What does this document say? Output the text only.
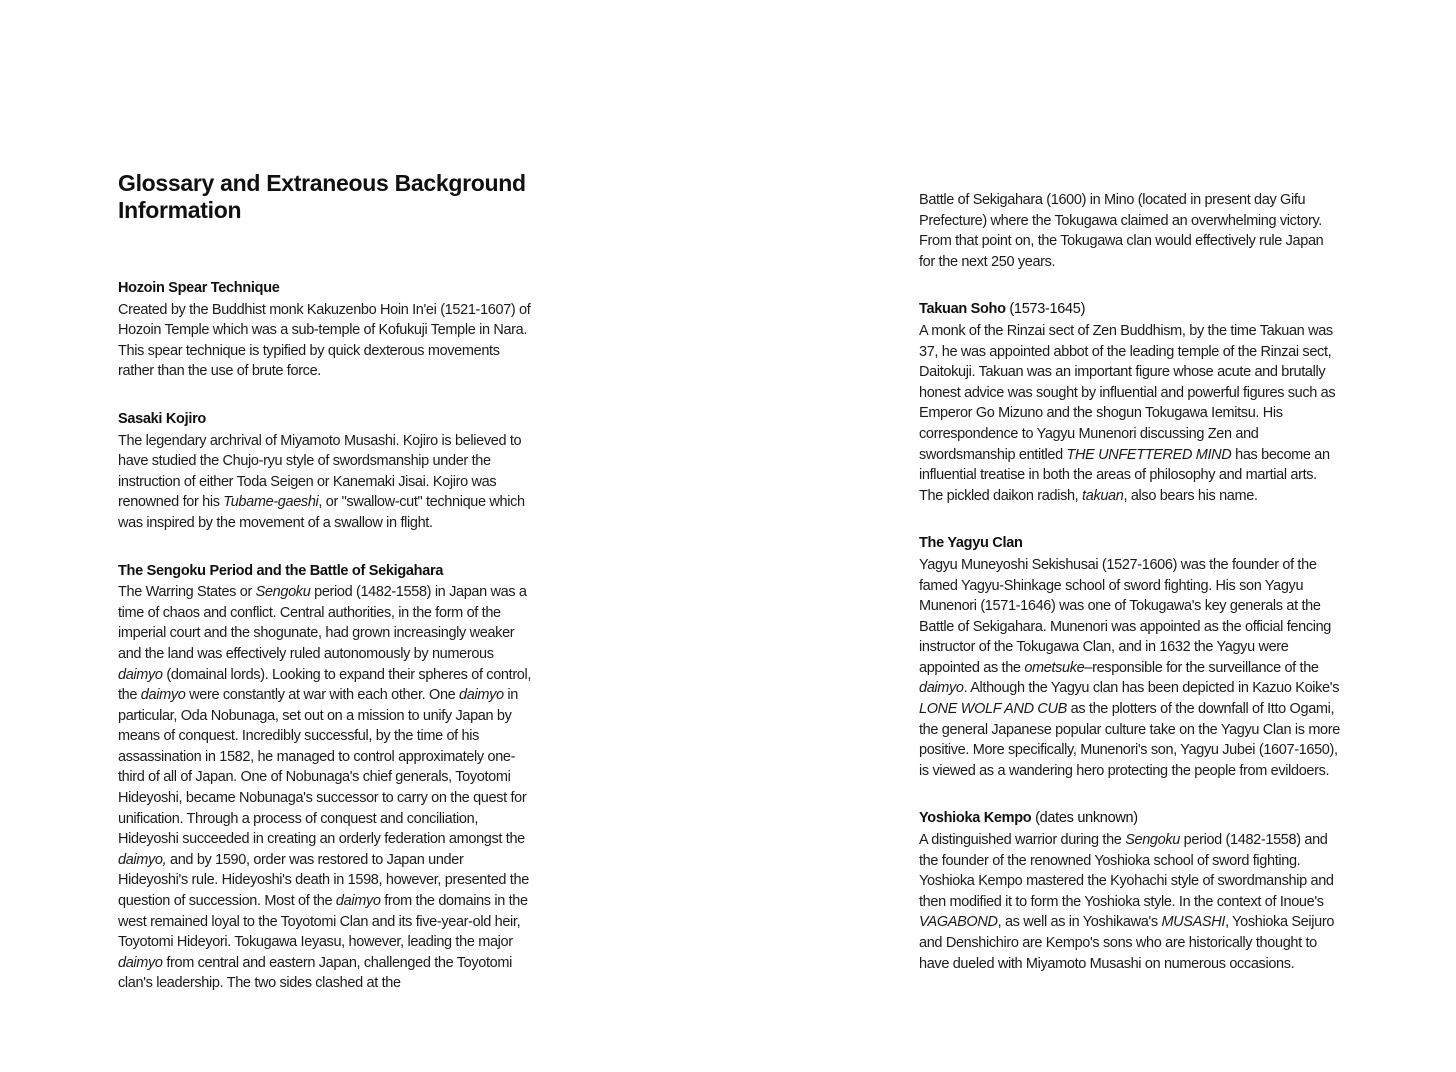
Glossary and Extraneous Background Information
Hozoin Spear Technique

Created by the Buddhist monk Kakuzenbo Hoin In'ei (1521-1607) of Hozoin Temple which was a sub-temple of Kofukuji Temple in Nara. This spear technique is typified by quick dexterous movements rather than the use of brute force.

Sasaki Kojiro

The legendary archrival of Miyamoto Musashi. Kojiro is believed to have studied the Chujo-ryu style of swordsmanship under the instruction of either Toda Seigen or Kanemaki Jisai. Kojiro was renowned for his Tubame-gaeshi, or "swallow-cut" technique which was inspired by the movement of a swallow in flight.

The Sengoku Period and the Battle of Sekigahara

The Warring States or Sengoku period (1482-1558) in Japan was a time of chaos and conflict. Central authorities, in the form of the imperial court and the shogunate, had grown increasingly weaker and the land was effectively ruled autonomously by numerous daimyo (domainal lords). Looking to expand their spheres of control, the daimyo were constantly at war with each other. One daimyo in particular, Oda Nobunaga, set out on a mission to unify Japan by means of conquest. Incredibly successful, by the time of his assassination in 1582, he managed to control approximately one-third of all of Japan. One of Nobunaga's chief generals, Toyotomi Hideyoshi, became Nobunaga's successor to carry on the quest for unification. Through a process of conquest and conciliation, Hideyoshi succeeded in creating an orderly federation amongst the daimyo, and by 1590, order was restored to Japan under Hideyoshi's rule. Hideyoshi's death in 1598, however, presented the question of succession. Most of the daimyo from the domains in the west remained loyal to the Toyotomi Clan and its five-year-old heir, Toyotomi Hideyori. Tokugawa Ieyasu, however, leading the major daimyo from central and eastern Japan, challenged the Toyotomi clan's leadership. The two sides clashed at the

Battle of Sekigahara (1600) in Mino (located in present day Gifu Prefecture) where the Tokugawa claimed an overwhelming victory. From that point on, the Tokugawa clan would effectively rule Japan for the next 250 years.

Takuan Soho (1573-1645)

A monk of the Rinzai sect of Zen Buddhism, by the time Takuan was 37, he was appointed abbot of the leading temple of the Rinzai sect, Daitokuji. Takuan was an important figure whose acute and brutally honest advice was sought by influential and powerful figures such as Emperor Go Mizuno and the shogun Tokugawa Iemitsu. His correspondence to Yagyu Munenori discussing Zen and swordsmanship entitled THE UNFETTERED MIND has become an influential treatise in both the areas of philosophy and martial arts. The pickled daikon radish, takuan, also bears his name.

The Yagyu Clan

Yagyu Muneyoshi Sekishusai (1527-1606) was the founder of the famed Yagyu-Shinkage school of sword fighting. His son Yagyu Munenori (1571-1646) was one of Tokugawa's key generals at the Battle of Sekigahara. Munenori was appointed as the official fencing instructor of the Tokugawa Clan, and in 1632 the Yagyu were appointed as the ometsuke–responsible for the surveillance of the daimyo. Although the Yagyu clan has been depicted in Kazuo Koike's LONE WOLF AND CUB as the plotters of the downfall of Itto Ogami, the general Japanese popular culture take on the Yagyu Clan is more positive. More specifically, Munenori's son, Yagyu Jubei (1607-1650), is viewed as a wandering hero protecting the people from evildoers.

Yoshioka Kempo (dates unknown)

A distinguished warrior during the Sengoku period (1482-1558) and the founder of the renowned Yoshioka school of sword fighting. Yoshioka Kempo mastered the Kyohachi style of swordmanship and then modified it to form the Yoshioka style. In the context of Inoue's VAGABOND, as well as in Yoshikawa's MUSASHI, Yoshioka Seijuro and Denshichiro are Kempo's sons who are historically thought to have dueled with Miyamoto Musashi on numerous occasions.
